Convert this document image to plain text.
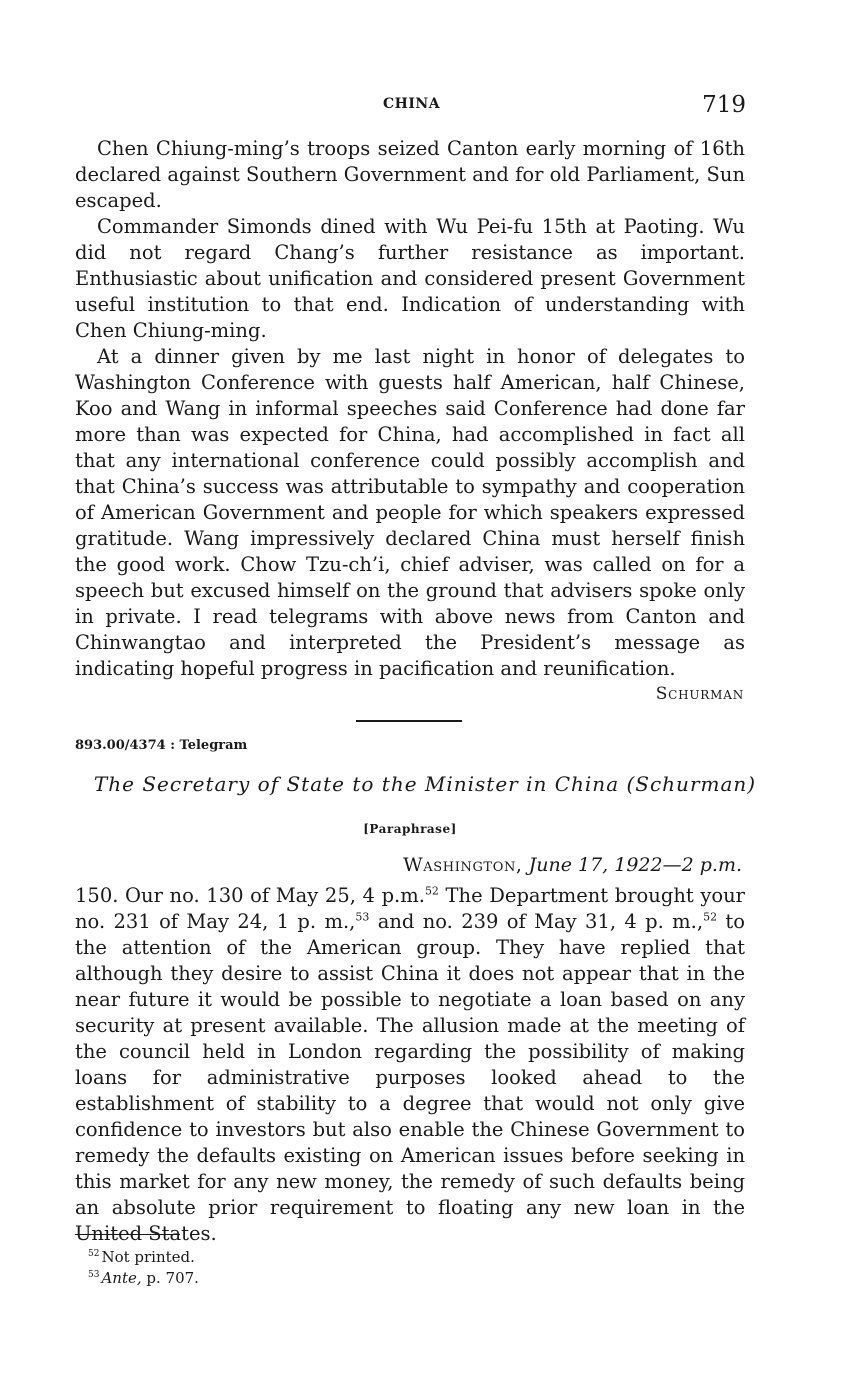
CHINA	719

Chen Chiung-ming’s troops seized Canton early morning of 16th declared against Southern Government and for old Parliament, Sun escaped.

Commander Simonds dined with Wu Pei-fu 15th at Paoting. Wu did not regard Chang’s further resistance as important. Enthusiastic about unification and considered present Government useful institution to that end. Indication of understanding with Chen Chiung-ming.

At a dinner given by me last night in honor of delegates to Washington Conference with guests half American, half Chinese, Koo and Wang in informal speeches said Conference had done far more than was expected for China, had accomplished in fact all that any international conference could possibly accomplish and that China’s success was attributable to sympathy and cooperation of American Government and people for which speakers expressed gratitude. Wang impressively declared China must herself finish the good work. Chow Tzu-ch’i, chief adviser, was called on for a speech but excused himself on the ground that advisers spoke only in private. I read telegrams with above news from Canton and Chinwangtao and interpreted the President’s message as indicating hopeful progress in pacification and reunification.

Schurman
893.00/4374 : Telegram
The Secretary of State to the Minister in China (Schurman)
[Paraphrase]
Washington, June 17, 1922—2 p.m.

150. Our no. 130 of May 25, 4 p.m.$^{52}$ The Department brought your no. 231 of May 24, 1 p. m.,$^{53}$ and no. 239 of May 31, 4 p. m.,$^{52}$ to the attention of the American group. They have replied that although they desire to assist China it does not appear that in the near future it would be possible to negotiate a loan based on any security at present available. The allusion made at the meeting of the council held in London regarding the possibility of making loans for administrative purposes looked ahead to the establishment of stability to a degree that would not only give confidence to investors but also enable the Chinese Government to remedy the defaults existing on American issues before seeking in this market for any new money, the remedy of such defaults being an absolute prior requirement to floating any new loan in the United States.

$^{52}$ Not printed.

$^{53}$ Ante, p. 707.
